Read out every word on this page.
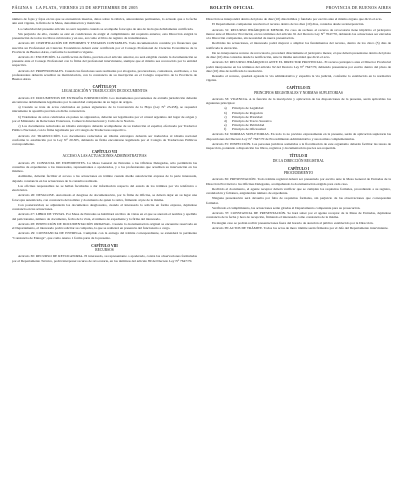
PÁGINA 6 LA PLATA, VIERNES 23 DE SEPTIEMBRE DE 2005	BOLETÍN OFICIAL	PROVINCIA DE BUENOS AIRES

número de fojas y fojas en las que se encuentran insertas, datos sobre la rúbrica, antecedentes pertinentes, lo actuado que a la fecha aún está vigente, la firma de la Mesa, denominación y matrícula.

La caducidad del presente artículo no será requisito cuando se acompañe fotocopia de una de las hojas debidamente certificada.

Sin perjuicio de ello, cuando se esté en condiciones de exigir el cumplimiento del requisito anterior, esta Dirección exigirá la presentación de todos los libros rubricados y en uso, así como el libro de registro de transmisiones.

Artículo 20: CERTIFICACIÓN DE INFORMES Y ESTADOS CONTABLES. Toda documentación contable y/o financiera que suscriba un Profesional en Ciencias Económicas deberá estar certificada por el Consejo Profesional de Ciencias Económicas de la Provincia de Buenos Aires, conforme la normativa vigente.

Artículo 21: EXCEPCIÓN. La certificación de firma, prevista en el artículo anterior, no será exigible cuando la documentación se presente ante el Consejo Profesional con la firma del profesional interviniente, siempre que el mismo sea reconocido por la entidad respectiva.

Artículo 22: PROFESIONALES. Cuando las funciones sean realizadas por abogados, procuradores, contadores, escribanos, o los profesionales deberán acreditar su matriculación, con la constancia de su inscripción en el Colegio respectivo de la Provincia de Buenos Aires.

CAPÍTULO VI
LEGALIZACIÓN Y TRADUCCIÓN DE DOCUMENTOS

Artículo 23: DOCUMENTOS DE EXTRAÑA JURISDICCIÓN. Los instrumentos provenientes de extraña jurisdicción deberán encontrarse debidamente legalizados por la autoridad competente de su lugar de origen.

a) Cuando se trate de actos celebrados en países signatarios de la Convención de la Haya (Ley N° 23.458), se requerirá únicamente la apostilla prevista en dicha convención.

b) Tratándose de actos celebrados en países no signatarios, deberán ser legalizados por el cónsul argentino del lugar de origen y por el Ministerio de Relaciones Exteriores, Comercio Internacional y Culto de la Nación.

c) Los documentos redactados en idioma extranjero deberán acompañarse de su traducción al español, efectuada por Traductor Público Nacional, con la firma legalizada por el Colegio de Traductores respectivo.

Artículo 24: TRADUCCIÓN. Los documentos redactados en idioma extranjero deberán ser traducidos al idioma nacional conforme lo establecido por la Ley N° 20.305, debiendo su firma encontrarse legalizada por el Colegio de Traductores Públicos correspondiente.

CAPÍTULO VII
ACCESO A LAS ACTUACIONES ADMINISTRATIVAS

Artículo 25: CONSULTA DE EXPEDIENTES. La Mesa General de Entradas o las Oficinas Delegadas, sólo permitirán las consultas de expedientes a los interesados, representantes o apoderados, y a los profesionales que acrediten su intervención en los mismos.

Asimismo, deberán facilitar el acceso a las actuaciones en trámite cuando medie autorización expresa de la parte interesada, dejando constancia en las actuaciones de la consulta realizada.

Las oficinas responsables no se hallan facultadas a dar información respecto del estado de los trámites por vía telefónica o electrónica.

Artículo 26: DESGLOSE. Autorizado el desglose de documentación, por la firma de Oficina, se deberá dejar en su lugar una fotocopia autenticada, con constancia del nombre y documento de quien lo retira, firmando al pie de la misma.

Con posterioridad, se adjuntarán los documentos desglosados, cuando el interesado lo solicite en forma expresa, dejándose constancia en las actuaciones.

Artículo 27: LIBRO DE VISTAS. Por Mesa de Entradas se habilitará un libro de vistas en el que se anotará el nombre y apellido del peticionante, número de documento, fecha de la vista, el número de expediente y la firma del interesado.

Artículo 28: INSPECCIÓN DE DOCUMENTACIÓN ORIGINAL. Cuando la documentación original se encuentre reservada en el Departamento, el interesado podrá solicitar su compulsa, la que se realizará en presencia del funcionario a cargo.

Artículo 29: CONSTANCIA DE ENTREGA. Cumplido con la entrega del trámite correspondiente, se extenderá la pertinente "Constancia de Entrega", que como Anexo 1 forma parte de la presente.

CAPÍTULO VIII
RECURSOS

Artículo 30: RECURSO DE REVOCATORIA. El interesado, su representante o apoderado, contra las observaciones formuladas por el Departamento Técnico, podrá interponer recurso de revocatoria, en los términos del artículo 89 del Decreto Ley N° 7647/70.

Dirección se interpondrá dentro del plazo de diez (10) días hábiles y fundado por escrito ante el mismo órgano que dictó el acto.

El Departamento competente resolverá el recurso dentro de los diez (10) días, contados desde su interposición.

Artículo 31: RECURSO JERÁRQUICO MENOR. En caso de rechazo el recurso de revocatoria tiene implícito el jerárquico menor ante el Director Provincial, en los términos del artículo 91 del Decreto Ley N° 7647/70, debiendo las actuaciones ser elevadas a la Dirección competente, sin necesidad de nueva presentación.

Recibidas las actuaciones, el interesado podrá mejorar o ampliar los fundamentos del recurso, dentro de los cinco (5) días de notificada la elevación.

De no interponerse recurso de revocatoria, procederá directamente el jerárquico menor, el que deberá presentarse dentro del plazo de diez (10) días contados desde la notificación, ante la misma autoridad que dictó el acto.

Artículo 32: RECURSO JERÁRQUICO ANTE EL DIRECTOR PROVINCIAL. El recurso jerárquico ante el Director Provincial podrá interponerse en los términos del artículo 92 del Decreto Ley N° 7647/70, debiendo presentarse por escrito dentro del plazo de diez (10) días de notificada la resolución.

Resuelto el recurso, quedará agotada la vía administrativa y expedita la vía judicial, conforme lo establecido en la normativa vigente.

CAPÍTULO IX
PRINCIPIOS REGISTRALES Y NORMAS SUPLETORIAS

Artículo 33: VIGENCIA. A la función de la inscripción y aplicación de las disposiciones de la presente, serán aplicables los siguientes principios:

a)	Principio de Legalidad
b)	Principio de Rogación
c)	Principio de Prioridad
d)	Principio de Tracto Sucesivo
e)	Principio de Publicidad
f)	Principio de Oficiosidad

Artículo 34: NORMAS SUPLETORIAS. En todo lo no previsto expresamente en la presente, serán de aplicación supletoria las disposiciones del Decreto Ley N° 7647/70 de Procedimiento Administrativo y sus normas complementarias.

Artículo 35: INSPECCIÓN. Las personas jurídicas sometidas a la fiscalización de este organismo deberán facilitar las tareas de inspección, poniendo a disposición los libros, registros y documentación que les sea requerida.

TÍTULO II
DE LA DIRECCIÓN REGISTRAL
CAPÍTULO I
PROCEDIMIENTO

Artículo 36: PRESENTACIÓN. Todo trámite registral deberá ser presentado por escrito ante la Mesa General de Entradas de la Dirección Provincial o las Oficinas Delegadas, acompañando la documentación exigida para cada caso.

Recibido el documento, el agente receptor deberá verificar que se cumplan los requisitos formales, procediendo a su registro, caratulación y foliatura, asignándole número de expediente.

Ninguna presentación será devuelta por falta de requisitos formales, sin perjuicio de las observaciones que correspondan formular.

Verificado el cumplimiento, las actuaciones serán giradas al Departamento competente para su prosecución.

Artículo 37: CONSTANCIA DE PRESENTACIÓN. Se hará saber por el agente receptor de la Mesa de Entradas, dejándose constancia de la fecha y hora de recepción, firmando el interesado como constancia de la misma.

En ningún caso se podrán recibir presentaciones fuera del horario de atención al público establecido por la Dirección.

Artículo 38: ACTOS DE TRÁMITE. Todos los actos de mero trámite serán firmados por el Jefe del Departamento interviniente.
